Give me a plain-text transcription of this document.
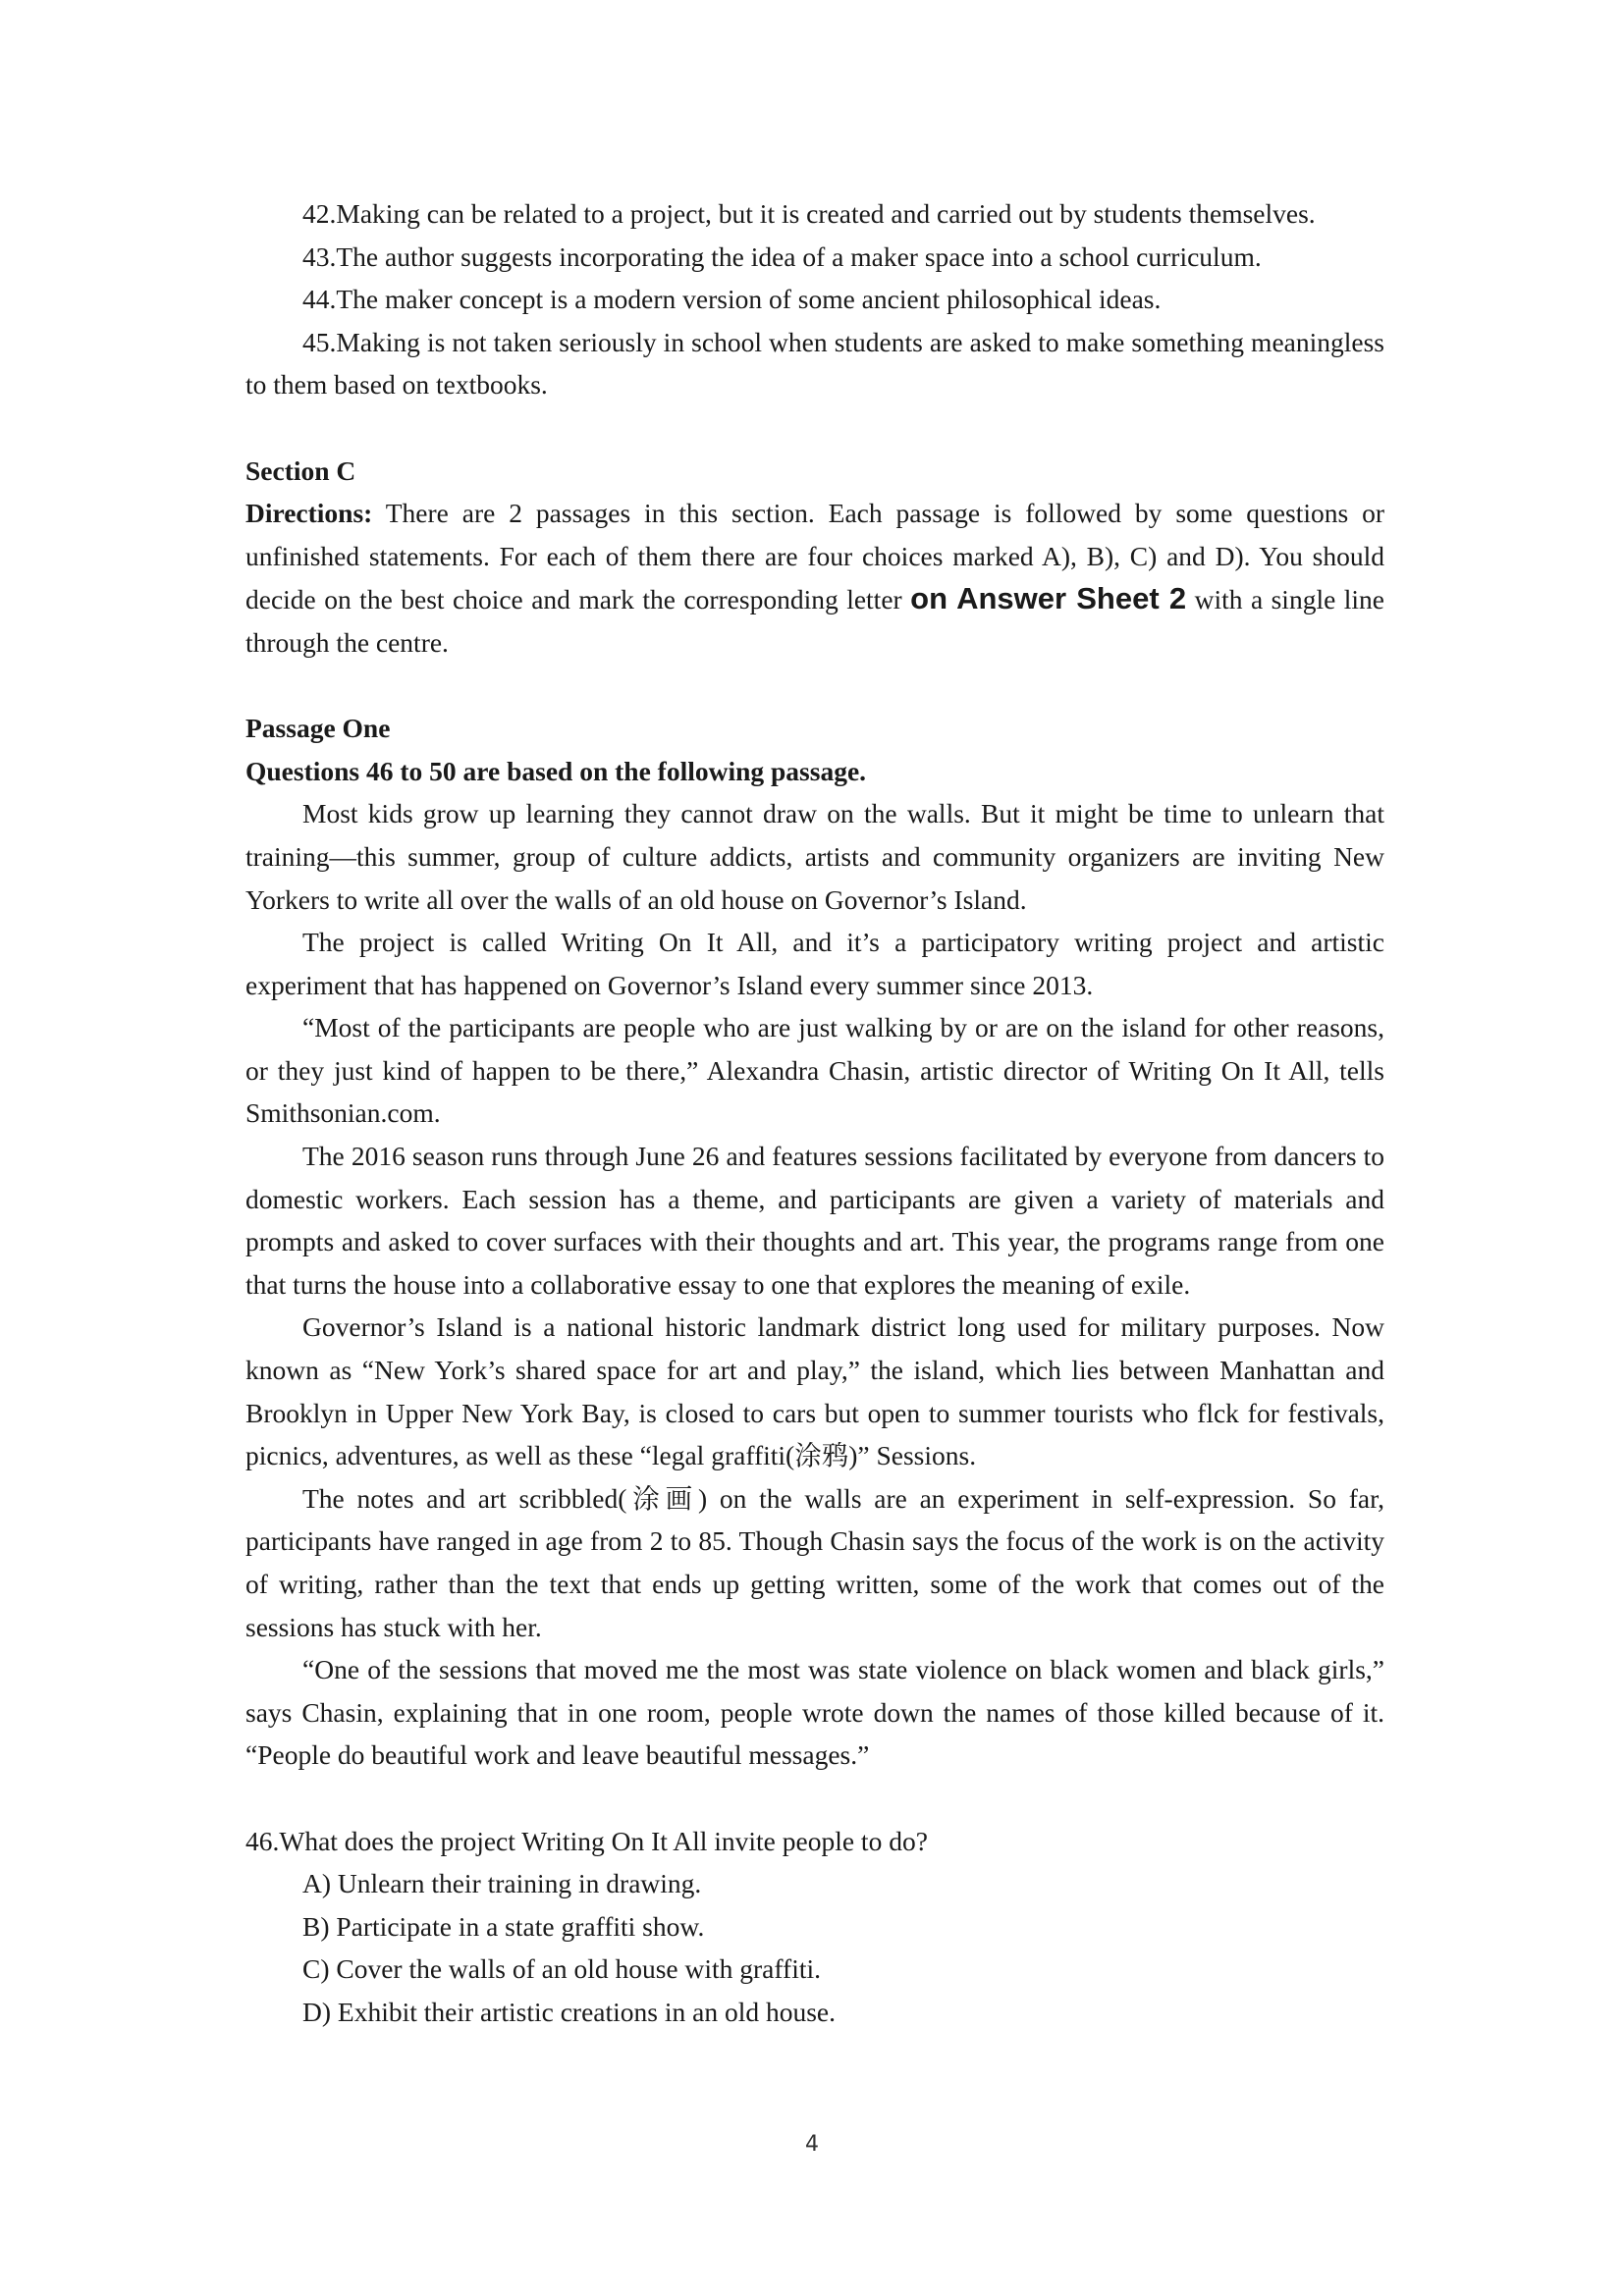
42.Making can be related to a project, but it is created and carried out by students themselves.

43.The author suggests incorporating the idea of a maker space into a school curriculum.

44.The maker concept is a modern version of some ancient philosophical ideas.

45.Making is not taken seriously in school when students are asked to make something meaningless to them based on textbooks.

Section C

Directions: There are 2 passages in this section. Each passage is followed by some questions or unfinished statements. For each of them there are four choices marked A), B), C) and D). You should decide on the best choice and mark the corresponding letter on Answer Sheet 2 with a single line through the centre.

Passage One

Questions 46 to 50 are based on the following passage.

Most kids grow up learning they cannot draw on the walls. But it might be time to unlearn that training—this summer, group of culture addicts, artists and community organizers are inviting New Yorkers to write all over the walls of an old house on Governor’s Island.

The project is called Writing On It All, and it’s a participatory writing project and artistic experiment that has happened on Governor’s Island every summer since 2013.

“Most of the participants are people who are just walking by or are on the island for other reasons, or they just kind of happen to be there,” Alexandra Chasin, artistic director of Writing On It All, tells Smithsonian.com.

The 2016 season runs through June 26 and features sessions facilitated by everyone from dancers to domestic workers. Each session has a theme, and participants are given a variety of materials and prompts and asked to cover surfaces with their thoughts and art. This year, the programs range from one that turns the house into a collaborative essay to one that explores the meaning of exile.

Governor’s Island is a national historic landmark district long used for military purposes. Now known as “New York’s shared space for art and play,” the island, which lies between Manhattan and Brooklyn in Upper New York Bay, is closed to cars but open to summer tourists who flck for festivals, picnics, adventures, as well as these “legal graffiti(涂鸦)” Sessions.

The notes and art scribbled(涂画) on the walls are an experiment in self-expression. So far, participants have ranged in age from 2 to 85. Though Chasin says the focus of the work is on the activity of writing, rather than the text that ends up getting written, some of the work that comes out of the sessions has stuck with her.

“One of the sessions that moved me the most was state violence on black women and black girls,” says Chasin, explaining that in one room, people wrote down the names of those killed because of it. “People do beautiful work and leave beautiful messages.”

46.What does the project Writing On It All invite people to do?

A) Unlearn their training in drawing.

B) Participate in a state graffiti show.

C) Cover the walls of an old house with graffiti.

D) Exhibit their artistic creations in an old house.

4
